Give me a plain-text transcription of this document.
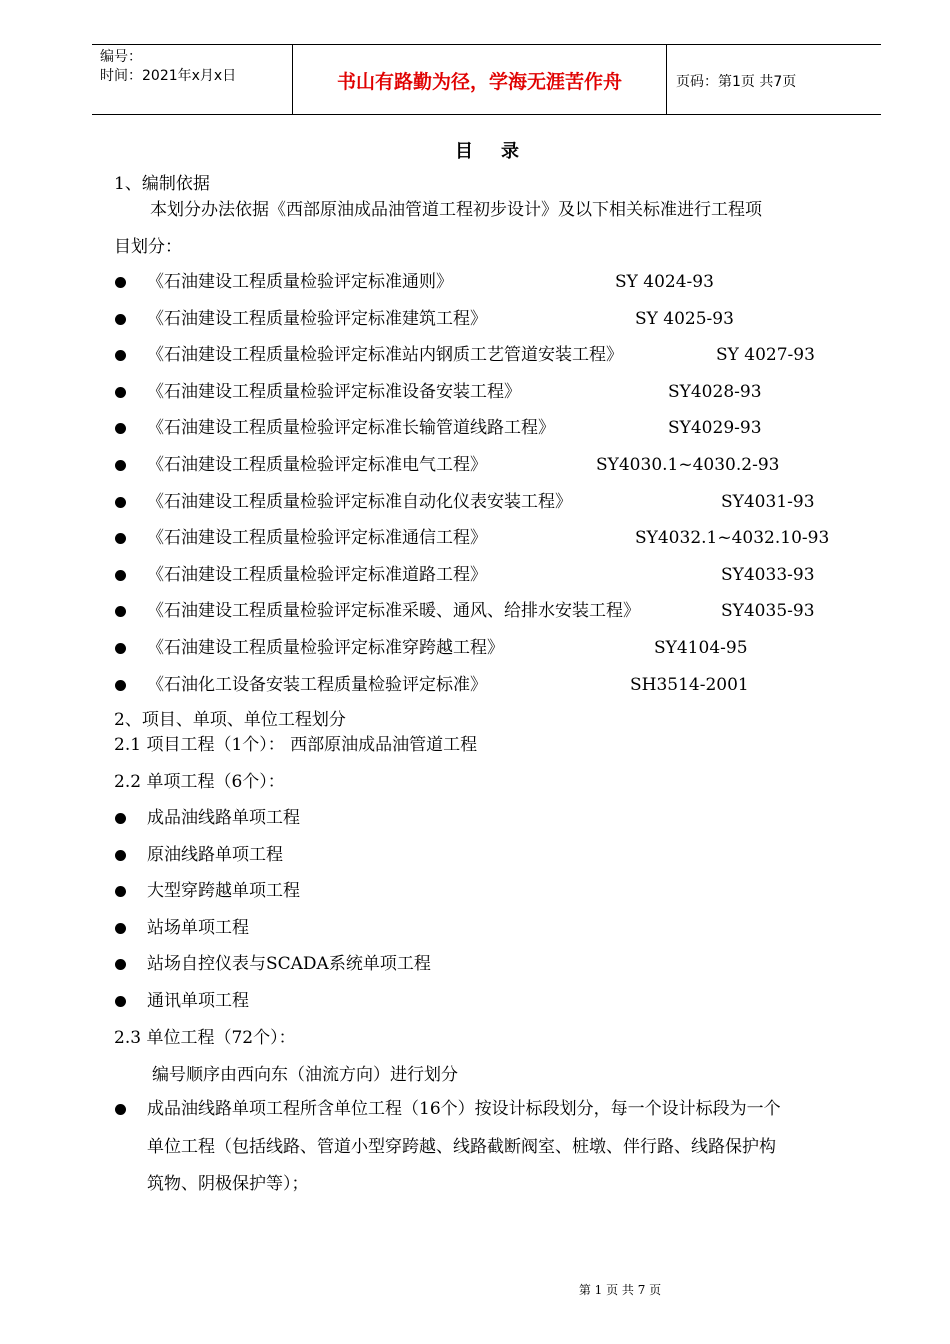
编号：
时间：2021年x月x日	书山有路勤为径，学海无涯苦作舟	页码：第1页 共7页
目录
1、编制依据
本划分办法依据《西部原油成品油管道工程初步设计》及以下相关标准进行工程项
目划分：
《石油建设工程质量检验评定标准通则》	SY 4024-93
《石油建设工程质量检验评定标准建筑工程》	SY 4025-93
《石油建设工程质量检验评定标准站内钢质工艺管道安装工程》	SY 4027-93
《石油建设工程质量检验评定标准设备安装工程》	SY4028-93
《石油建设工程质量检验评定标准长输管道线路工程》	SY4029-93
《石油建设工程质量检验评定标准电气工程》	SY4030.1~4030.2-93
《石油建设工程质量检验评定标准自动化仪表安装工程》	SY4031-93
《石油建设工程质量检验评定标准通信工程》	SY4032.1~4032.10-93
《石油建设工程质量检验评定标准道路工程》	SY4033-93
《石油建设工程质量检验评定标准采暖、通风、给排水安装工程》	SY4035-93
《石油建设工程质量检验评定标准穿跨越工程》	SY4104-95
《石油化工设备安装工程质量检验评定标准》	SH3514-2001
2、项目、单项、单位工程划分
2.1 项目工程（1个）： 西部原油成品油管道工程
2.2 单项工程（6个）：
成品油线路单项工程
原油线路单项工程
大型穿跨越单项工程
站场单项工程
站场自控仪表与SCADA系统单项工程
通讯单项工程
2.3 单位工程（72个）：
编号顺序由西向东（油流方向）进行划分
成品油线路单项工程所含单位工程（16个）按设计标段划分，每一个设计标段为一个
单位工程（包括线路、管道小型穿跨越、线路截断阀室、桩墩、伴行路、线路保护构
筑物、阴极保护等）；
第 1 页 共 7 页
